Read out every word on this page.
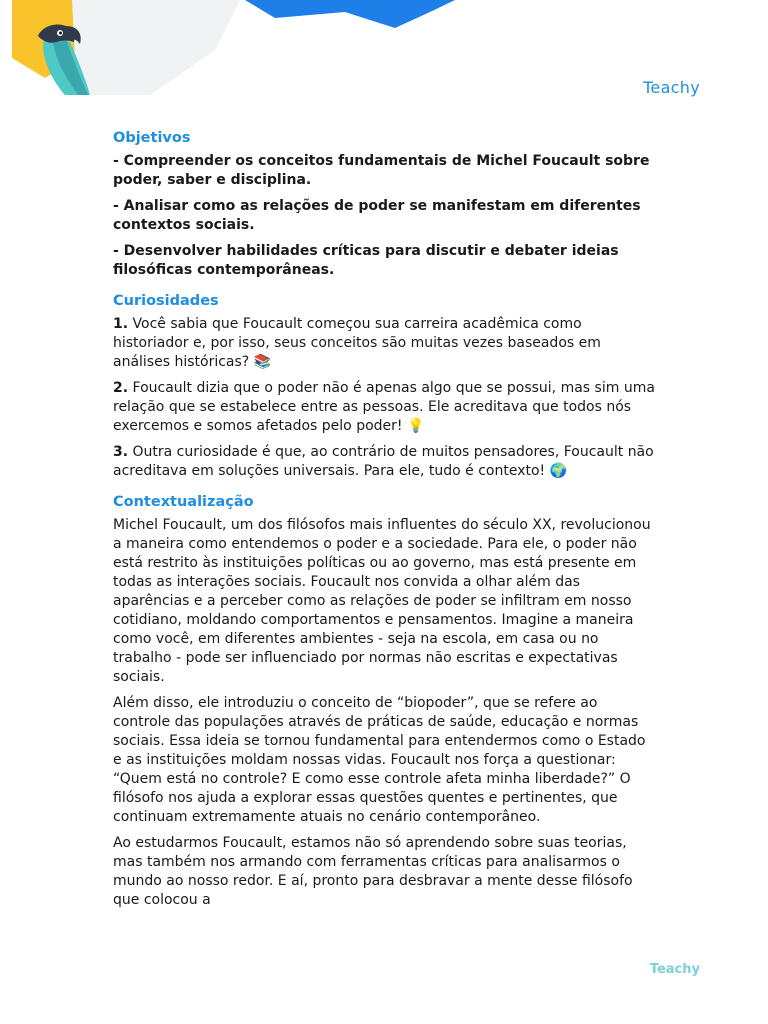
Teachy
Objetivos

- Compreender os conceitos fundamentais de Michel Foucault sobre poder, saber e disciplina.

- Analisar como as relações de poder se manifestam em diferentes contextos sociais.

- Desenvolver habilidades críticas para discutir e debater ideias filosóficas contemporâneas.

Curiosidades

1. Você sabia que Foucault começou sua carreira acadêmica como historiador e, por isso, seus conceitos são muitas vezes baseados em análises históricas? 📚

2. Foucault dizia que o poder não é apenas algo que se possui, mas sim uma relação que se estabelece entre as pessoas. Ele acreditava que todos nós exercemos e somos afetados pelo poder! 💡

3. Outra curiosidade é que, ao contrário de muitos pensadores, Foucault não acreditava em soluções universais. Para ele, tudo é contexto! 🌍

Contextualização

Michel Foucault, um dos filósofos mais influentes do século XX, revolucionou a maneira como entendemos o poder e a sociedade. Para ele, o poder não está restrito às instituições políticas ou ao governo, mas está presente em todas as interações sociais. Foucault nos convida a olhar além das aparências e a perceber como as relações de poder se infiltram em nosso cotidiano, moldando comportamentos e pensamentos. Imagine a maneira como você, em diferentes ambientes - seja na escola, em casa ou no trabalho - pode ser influenciado por normas não escritas e expectativas sociais.

Além disso, ele introduziu o conceito de “biopoder”, que se refere ao controle das populações através de práticas de saúde, educação e normas sociais. Essa ideia se tornou fundamental para entendermos como o Estado e as instituições moldam nossas vidas. Foucault nos força a questionar: “Quem está no controle? E como esse controle afeta minha liberdade?” O filósofo nos ajuda a explorar essas questões quentes e pertinentes, que continuam extremamente atuais no cenário contemporâneo.

Ao estudarmos Foucault, estamos não só aprendendo sobre suas teorias, mas também nos armando com ferramentas críticas para analisarmos o mundo ao nosso redor. E aí, pronto para desbravar a mente desse filósofo que colocou a

Teachy
